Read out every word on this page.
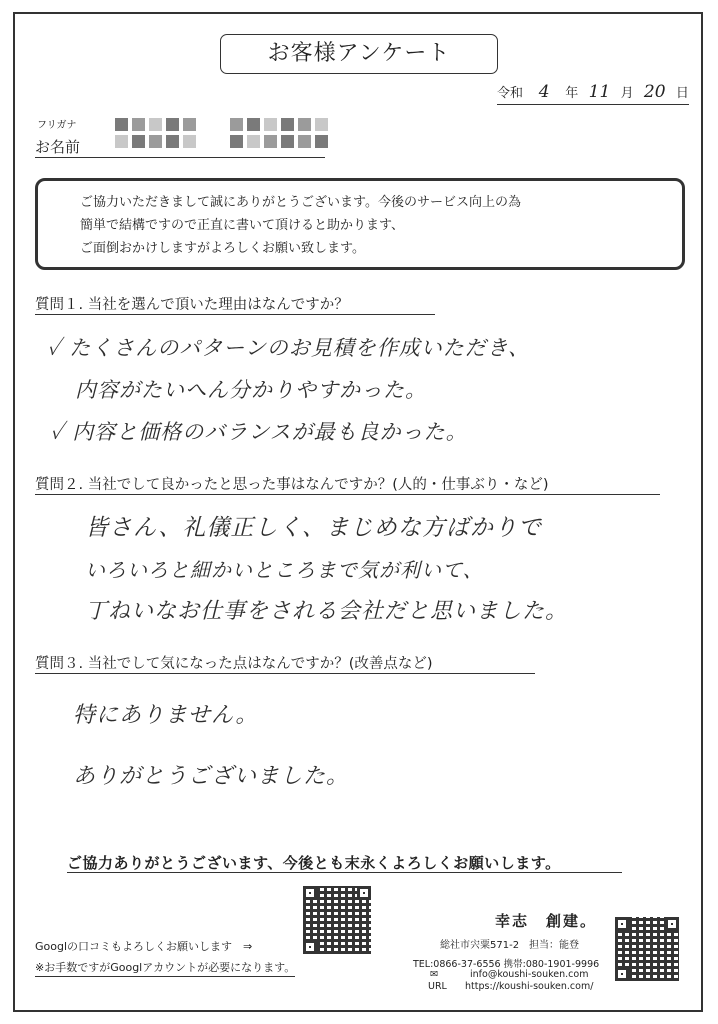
お客様アンケート
令和 4 年 11 月 20 日
フリガナ
お名前
ご協力いただきまして誠にありがとうございます。今後のサービス向上の為
簡単で結構ですので正直に書いて頂けると助かります、
ご面倒おかけしますがよろしくお願い致します。
質問１. 当社を選んで頂いた理由はなんですか？
✓ たくさんのパターンのお見積を作成いただき、
内容がたいへん分かりやすかった。
✓ 内容と価格のバランスが最も良かった。
質問２. 当社でして良かったと思った事はなんですか？(人的・仕事ぶり・など)
皆さん、礼儀正しく、まじめな方ばかりで
いろいろと細かいところまで気が利いて、
丁ねいなお仕事をされる会社だと思いました。
質問３. 当社でして気になった点はなんですか？(改善点など)
特にありません。
ありがとうございました。
ご協力ありがとうございます、今後とも末永くよろしくお願いします。
Googlの口コミもよろしくお願いします　⇒
※お手数ですがGooglアカウントが必要になります。
幸志　創建。
総社市宍粟571-2　担当：能登
TEL:0866-37-6556 携帯:080-1901-9996
✉	info@koushi-souken.com
URL https://koushi-souken.com/
